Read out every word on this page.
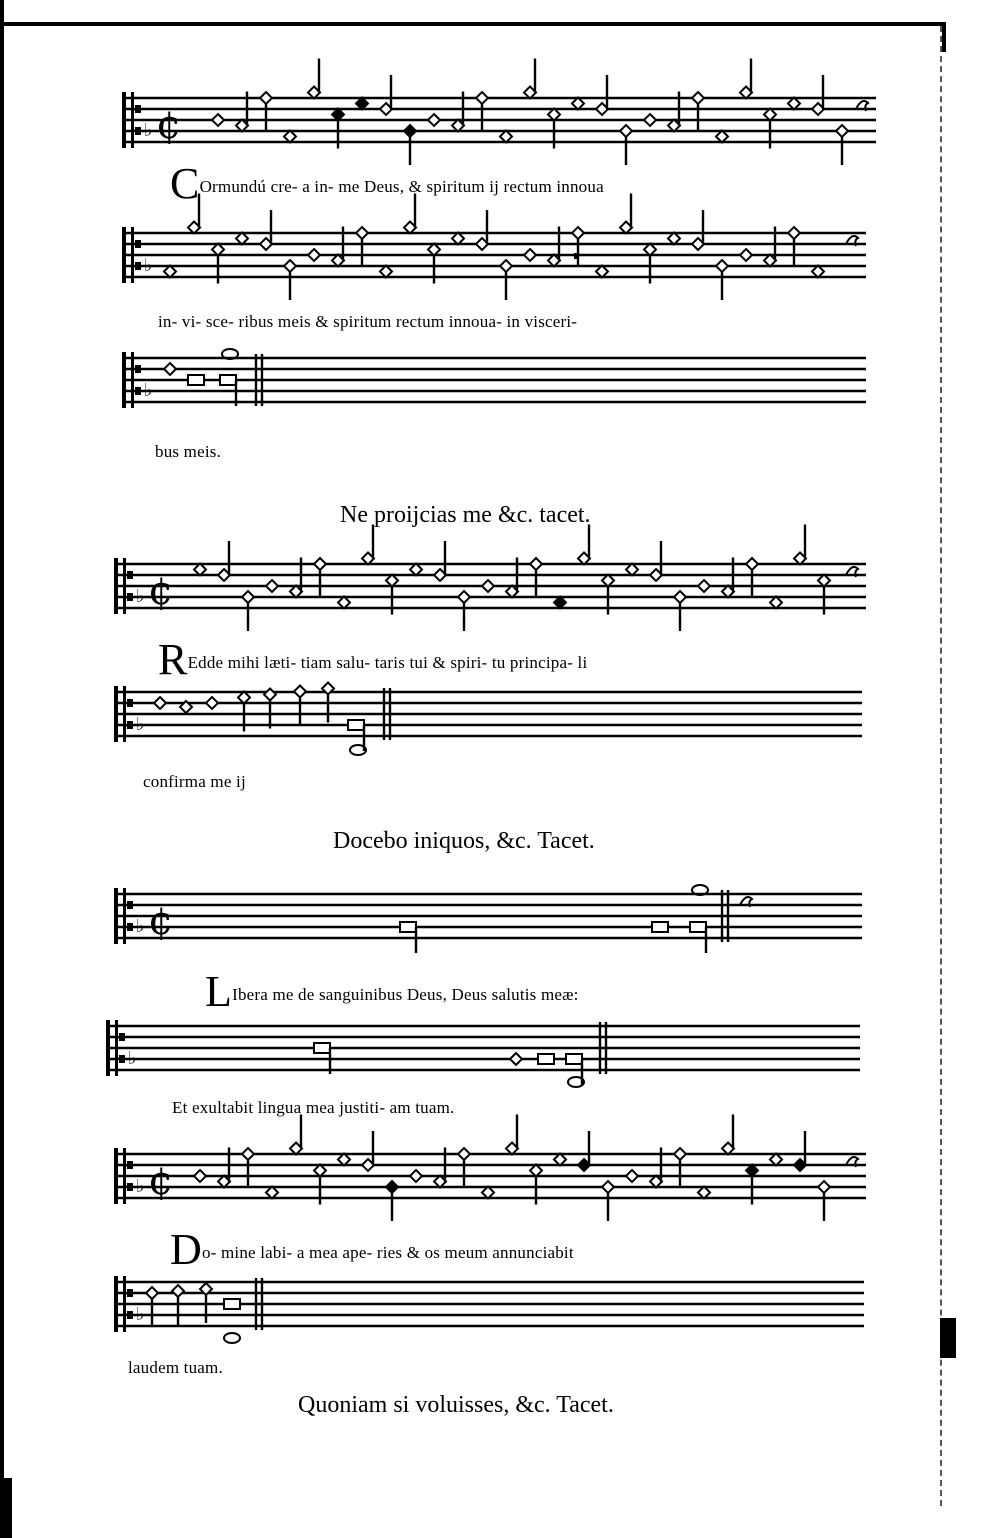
♭ ¢
♭
♭
♭ ¢
♭
♭ ¢
♭
♭ ¢
♭
COrmundú cre- a in- me Deus, & spiritum ij rectum innoua
in- vi- sce- ribus meis & spiritum rectum innoua- in visceri-
bus meis.
Ne proijcias me &c. tacet.
REdde mihi læti- tiam salu- taris tui & spiri- tu principa- li
confirma me ij
Docebo iniquos, &c. Tacet.
LIbera me de sanguinibus Deus, Deus salutis meæ:
Et exultabit lingua mea justiti- am tuam.
Do- mine labi- a mea ape- ries & os meum annunciabit
laudem tuam.
Quoniam si voluisses, &c. Tacet.
